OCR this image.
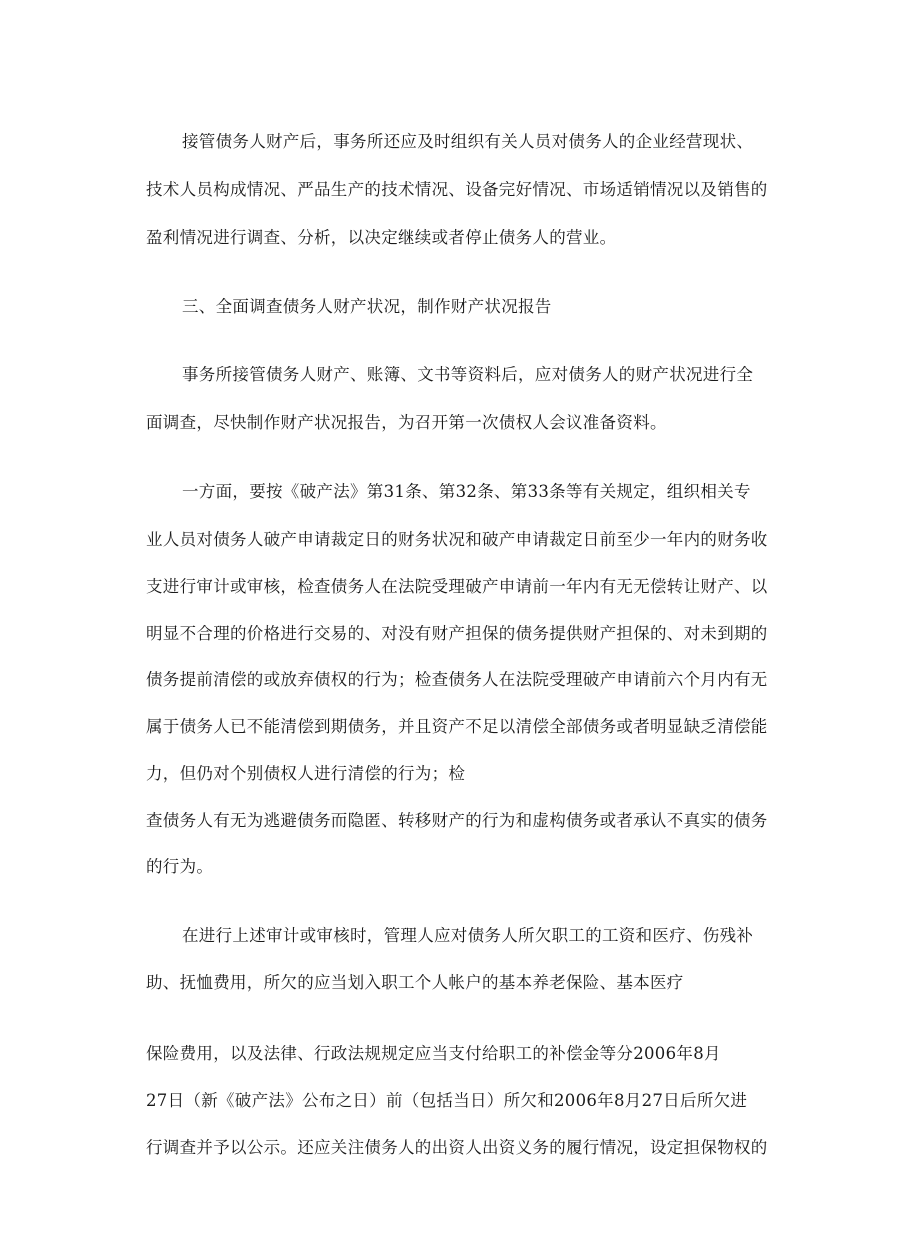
接管债务人财产后，事务所还应及时组织有关人员对债务人的企业经营现状、
技术人员构成情况、严品生产的技术情况、设备完好情况、市场适销情况以及销售的
盈利情况进行调查、分析，以决定继续或者停止债务人的营业。
三、全面调查债务人财产状况，制作财产状况报告
事务所接管债务人财产、账簿、文书等资料后，应对债务人的财产状况进行全
面调查，尽快制作财产状况报告，为召开第一次债权人会议准备资料。
一方面，要按《破产法》第31条、第32条、第33条等有关规定，组织相关专
业人员对债务人破产申请裁定日的财务状况和破产申请裁定日前至少一年内的财务收
支进行审计或审核，检查债务人在法院受理破产申请前一年内有无无偿转让财产、以
明显不合理的价格进行交易的、对没有财产担保的债务提供财产担保的、对未到期的
债务提前清偿的或放弃债权的行为；检查债务人在法院受理破产申请前六个月内有无
属于债务人已不能清偿到期债务，并且资产不足以清偿全部债务或者明显缺乏清偿能
力，但仍对个别债权人进行清偿的行为；检
查债务人有无为逃避债务而隐匿、转移财产的行为和虚构债务或者承认不真实的债务
的行为。
在进行上述审计或审核时，管理人应对债务人所欠职工的工资和医疗、伤残补
助、抚恤费用，所欠的应当划入职工个人帐户的基本养老保险、基本医疗
保险费用，以及法律、行政法规规定应当支付给职工的补偿金等分2006年8月
27日（新《破产法》公布之日）前（包括当日）所欠和2006年8月27日后所欠进
行调查并予以公示。还应关注债务人的出资人出资义务的履行情况，设定担保物权的
